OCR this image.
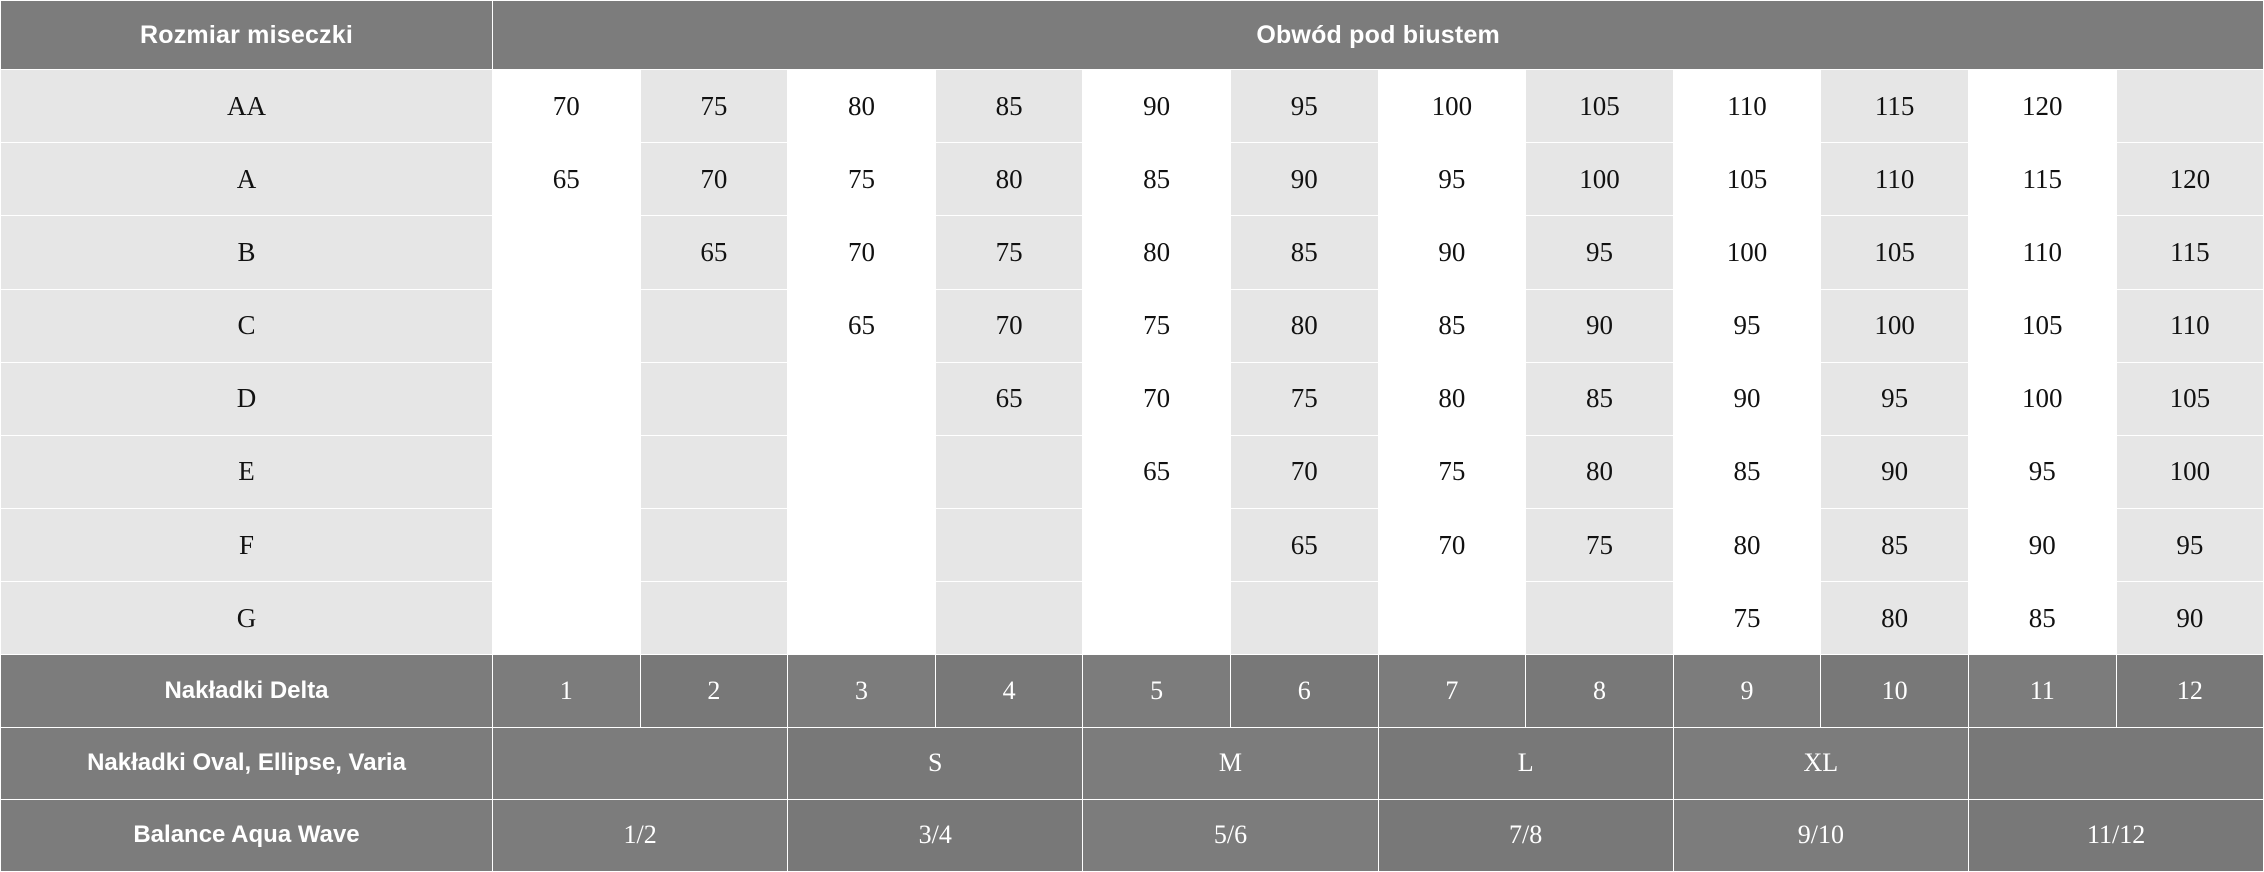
Rozmiar miseczki	Obwód pod biustem											
AA	70	75	80	85	90	95	100	105	110	115	120	
A	65	70	75	80	85	90	95	100	105	110	115	120
B		65	70	75	80	85	90	95	100	105	110	115
C			65	70	75	80	85	90	95	100	105	110
D				65	70	75	80	85	90	95	100	105
E					65	70	75	80	85	90	95	100
F						65	70	75	80	85	90	95
G									75	80	85	90
Nakładki Delta	1	2	3	4	5	6	7	8	9	10	11	12
Nakładki Oval, Ellipse, Varia			S		M		L		XL			
Balance Aqua Wave	1/2		3/4		5/6		7/8		9/10		11/12	
